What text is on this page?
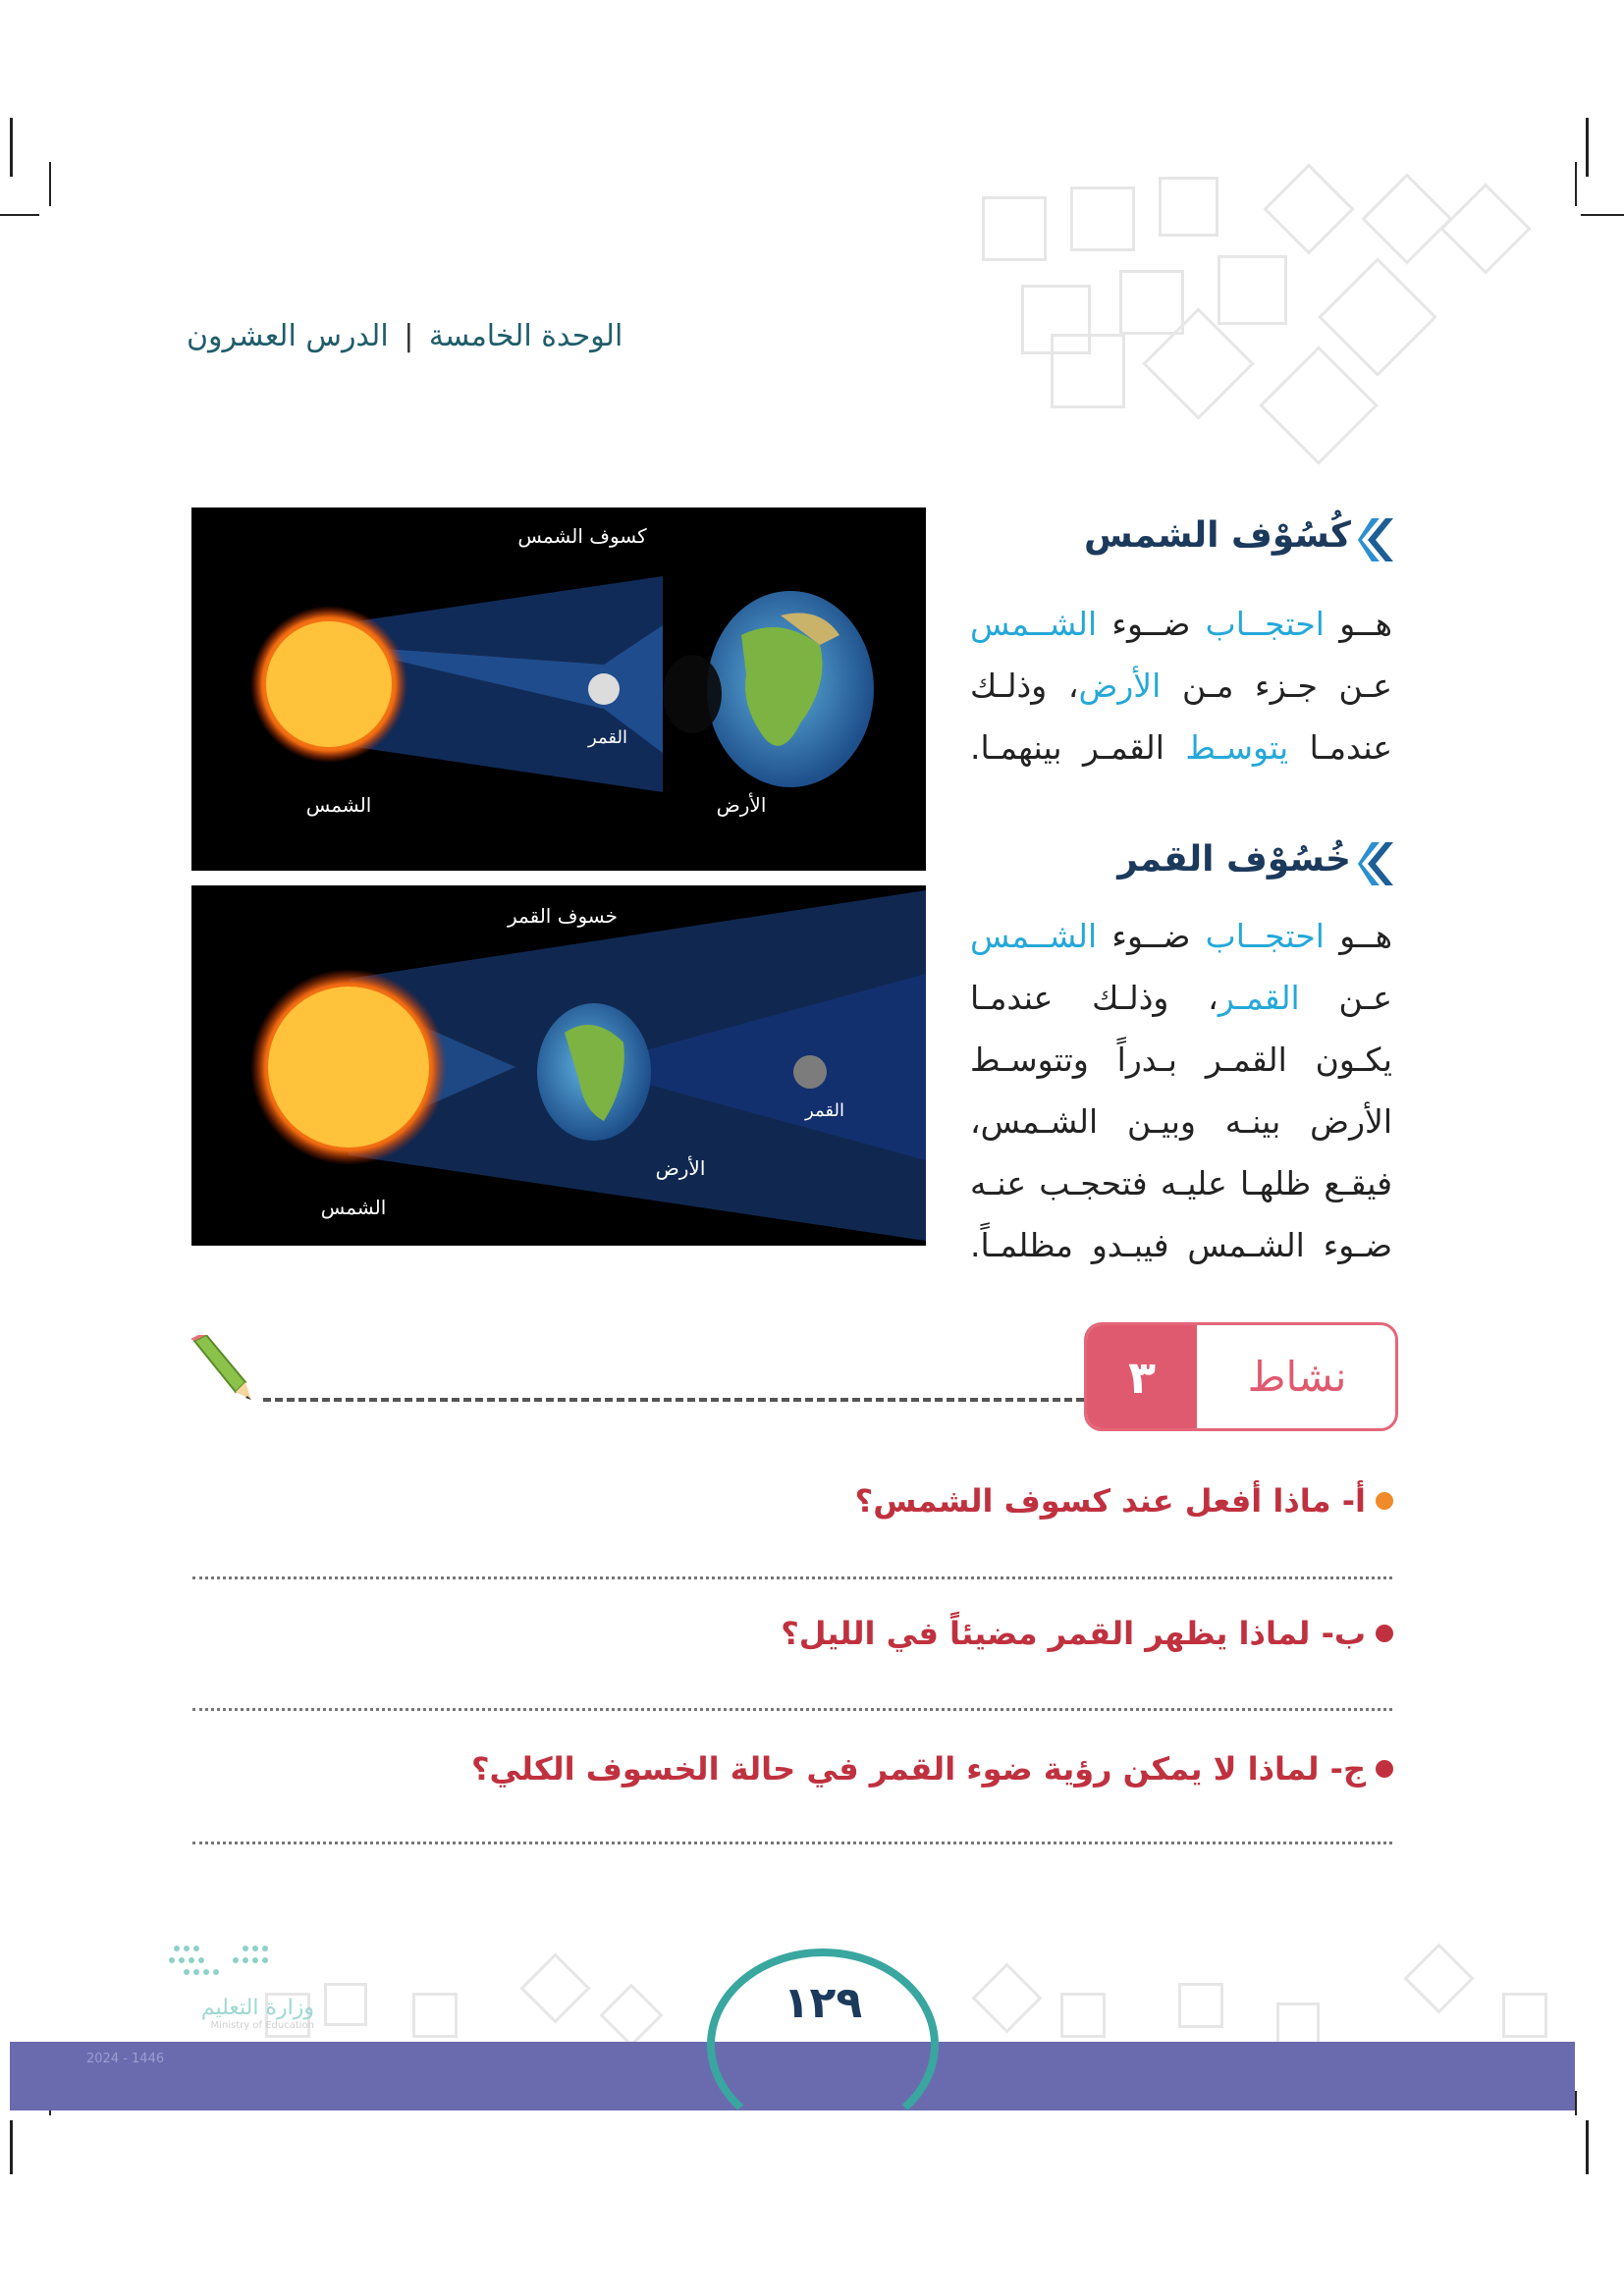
الوحدة الخامسة | الدرس العشرون
كُسُوْف الشمس
هــو احتجــاب ضــوء الشــمس عـن جـزء مـن الأرض، وذلـك عندمـا يتوسـط القمـر بينهمـا.
خُسُوْف القمر
هــو احتجــاب ضــوء الشــمس عـن القمـر، وذلـك عندمـا يكـون القمـر بـدراً وتتوسـط الأرض بينـه وبيـن الشـمس، فيقـع ظلهـا عليـه فتحجـب عنـه ضـوء الشـمس فيبـدو مظلمـاً.
كسوف الشمس
الشمس
القمر
الأرض
خسوف القمر
الشمس
القمر
الأرض
٣	نشاط
أ- ماذا أفعل عند كسوف الشمس؟
ب- لماذا يظهر القمر مضيئاً في الليل؟
ج- لماذا لا يمكن رؤية ضوء القمر في حالة الخسوف الكلي؟
وزارة التعليم
Ministry of Education
2024 - 1446
١٢٩
